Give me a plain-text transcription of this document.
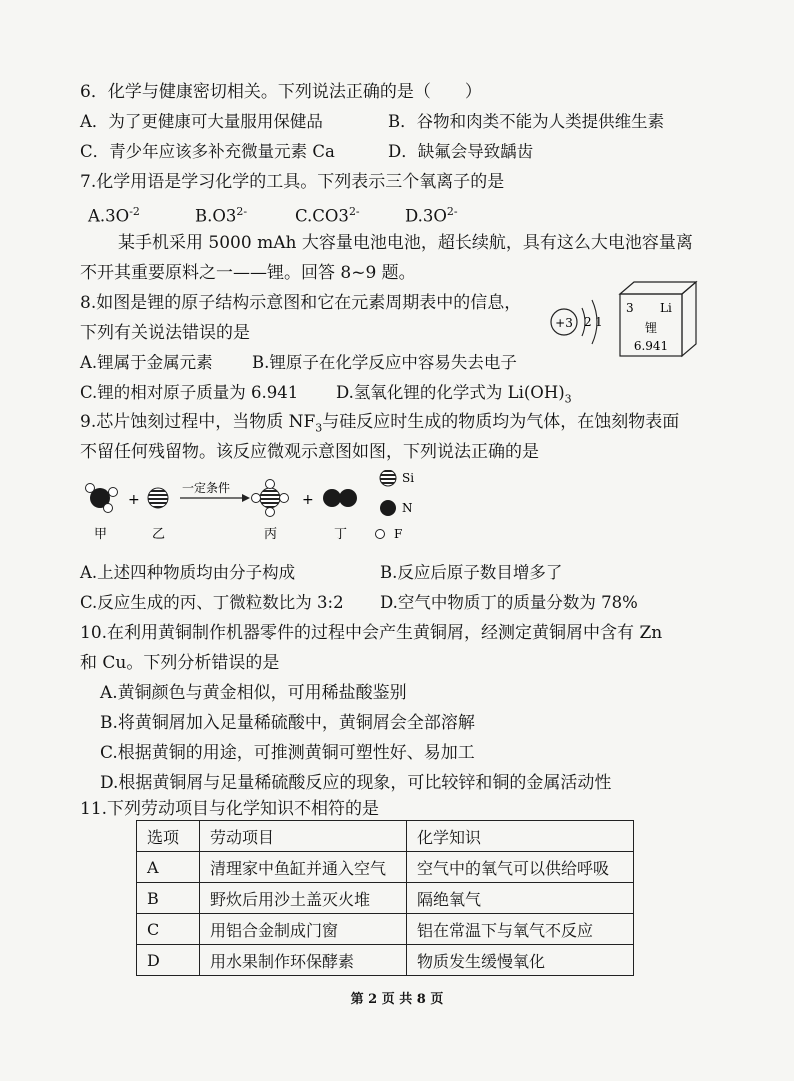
6．化学与健康密切相关。下列说法正确的是（　　）
A．为了更健康可大量服用保健品	B．谷物和肉类不能为人类提供维生素
C．青少年应该多补充微量元素 Ca	D．缺氟会导致龋齿
7.化学用语是学习化学的工具。下列表示三个氧离子的是
$A.3O^{-2}$	$B.O3^{2-}$	$C.CO3^{2-}$	$D.3O^{2-}$
某手机采用 5000 mAh 大容量电池电池，超长续航，具有这么大电池容量离
不开其重要原料之一——锂。回答 8~9 题。
8.如图是锂的原子结构示意图和它在元素周期表中的信息，
下列有关说法错误的是
A.锂属于金属元素 B.锂原子在化学反应中容易失去电子
C.锂的相对原子质量为 6.941 D.氢氧化锂的化学式为 $Li(OH)_3$
+3 2 1
3 Li
锂
6.941
9.芯片蚀刻过程中，当物质 $NF_3$与硅反应时生成的物质均为气体，在蚀刻物表面
不留任何残留物。该反应微观示意图如图，下列说法正确的是
+
一定条件
+
Si
N
F
甲	乙	丙	丁
A.上述四种物质均由分子构成	B.反应后原子数目增多了
C.反应生成的丙、丁微粒数比为 3:2 D.空气中物质丁的质量分数为 78%
10.在利用黄铜制作机器零件的过程中会产生黄铜屑，经测定黄铜屑中含有 Zn
和 Cu。下列分析错误的是
A.黄铜颜色与黄金相似，可用稀盐酸鉴别
B.将黄铜屑加入足量稀硫酸中，黄铜屑会全部溶解
C.根据黄铜的用途，可推测黄铜可塑性好、易加工
D.根据黄铜屑与足量稀硫酸反应的现象，可比较锌和铜的金属活动性
11.下列劳动项目与化学知识不相符的是
选项	劳动项目	化学知识
A	清理家中鱼缸并通入空气	空气中的氧气可以供给呼吸
B	野炊后用沙土盖灭火堆	隔绝氧气
C	用铝合金制成门窗	铝在常温下与氧气不反应
D	用水果制作环保酵素	物质发生缓慢氧化
第 2 页 共 8 页
